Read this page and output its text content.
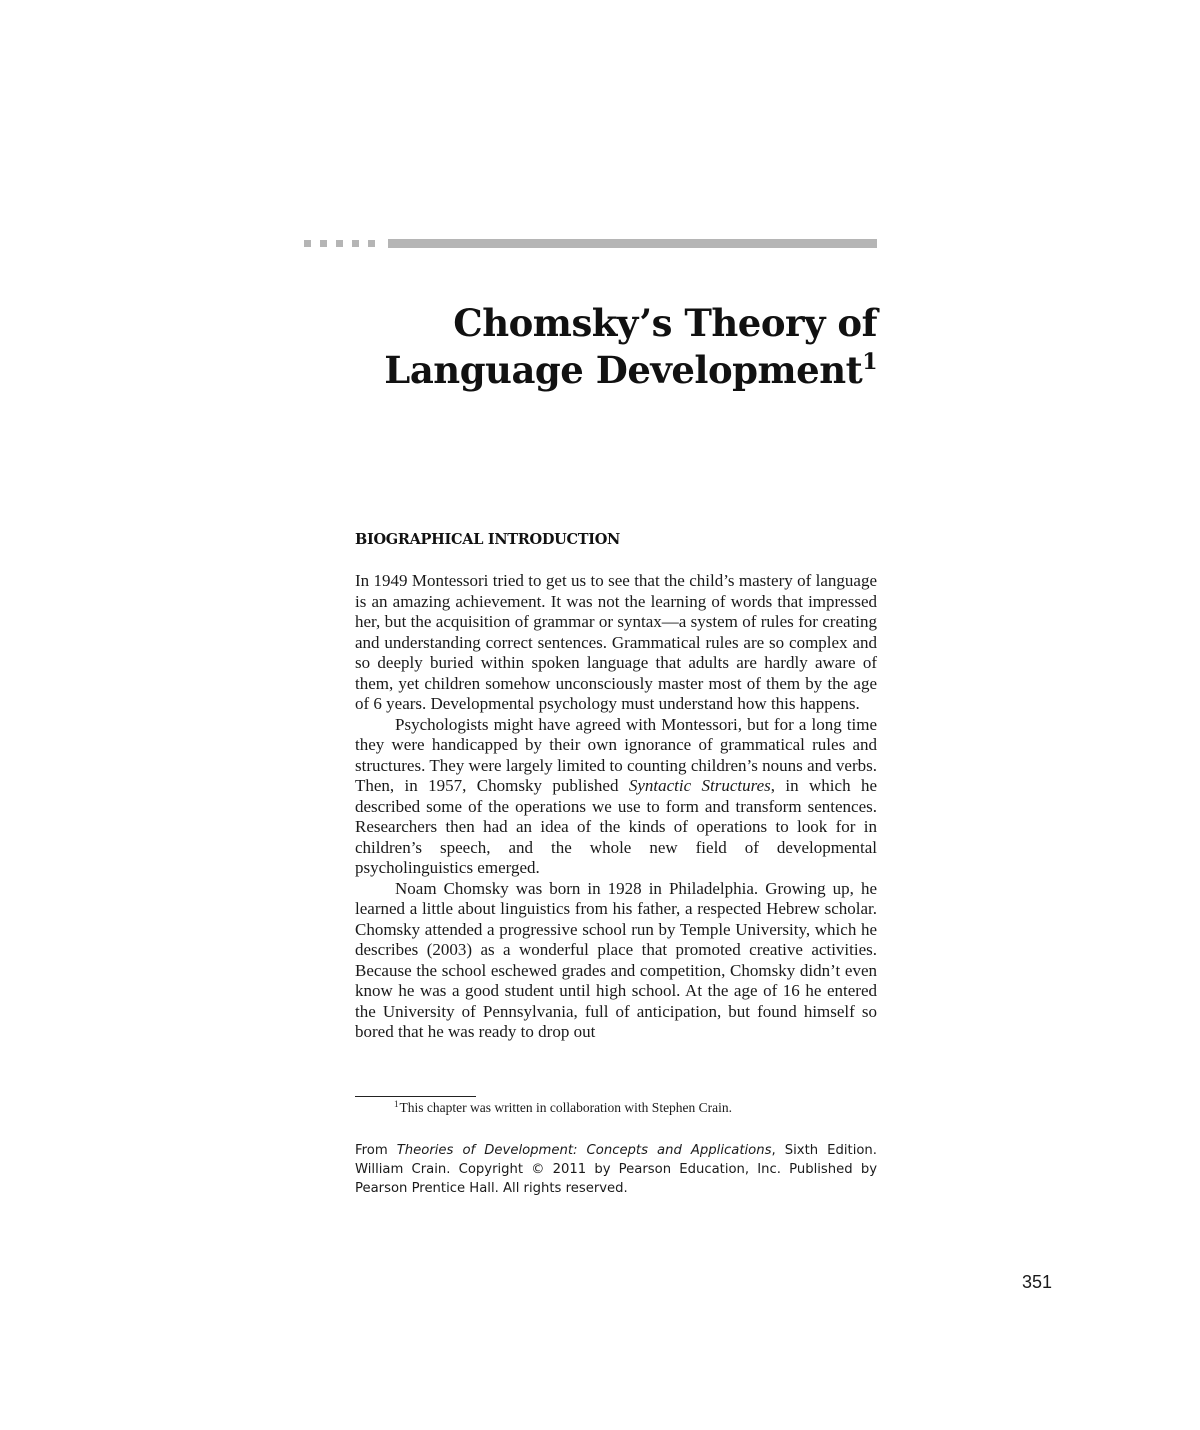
Chomsky’s Theory of
Language Development$^1$
BIOGRAPHICAL INTRODUCTION

In 1949 Montessori tried to get us to see that the child’s mastery of language is an amazing achievement. It was not the learning of words that impressed her, but the acquisition of grammar or syntax—a system of rules for creating and understanding correct sentences. Grammatical rules are so complex and so deeply buried within spoken language that adults are hardly aware of them, yet children somehow unconsciously master most of them by the age of 6 years. Developmental psychology must understand how this happens.

Psychologists might have agreed with Montessori, but for a long time they were handicapped by their own ignorance of grammatical rules and structures. They were largely limited to counting children’s nouns and verbs. Then, in 1957, Chomsky published Syntactic Structures, in which he described some of the operations we use to form and transform sentences. Researchers then had an idea of the kinds of operations to look for in children’s speech, and the whole new field of developmental psycholinguistics emerged.

Noam Chomsky was born in 1928 in Philadelphia. Growing up, he learned a little about linguistics from his father, a respected Hebrew scholar. Chomsky attended a progressive school run by Temple University, which he describes (2003) as a wonderful place that promoted creative activities. Because the school eschewed grades and competition, Chomsky didn’t even know he was a good student until high school. At the age of 16 he entered the University of Pennsylvania, full of anticipation, but found himself so bored that he was ready to drop out

$^1$This chapter was written in collaboration with Stephen Crain.
From Theories of Development: Concepts and Applications, Sixth Edition. William Crain. Copyright © 2011 by Pearson Education, Inc. Published by Pearson Prentice Hall. All rights reserved.
351
